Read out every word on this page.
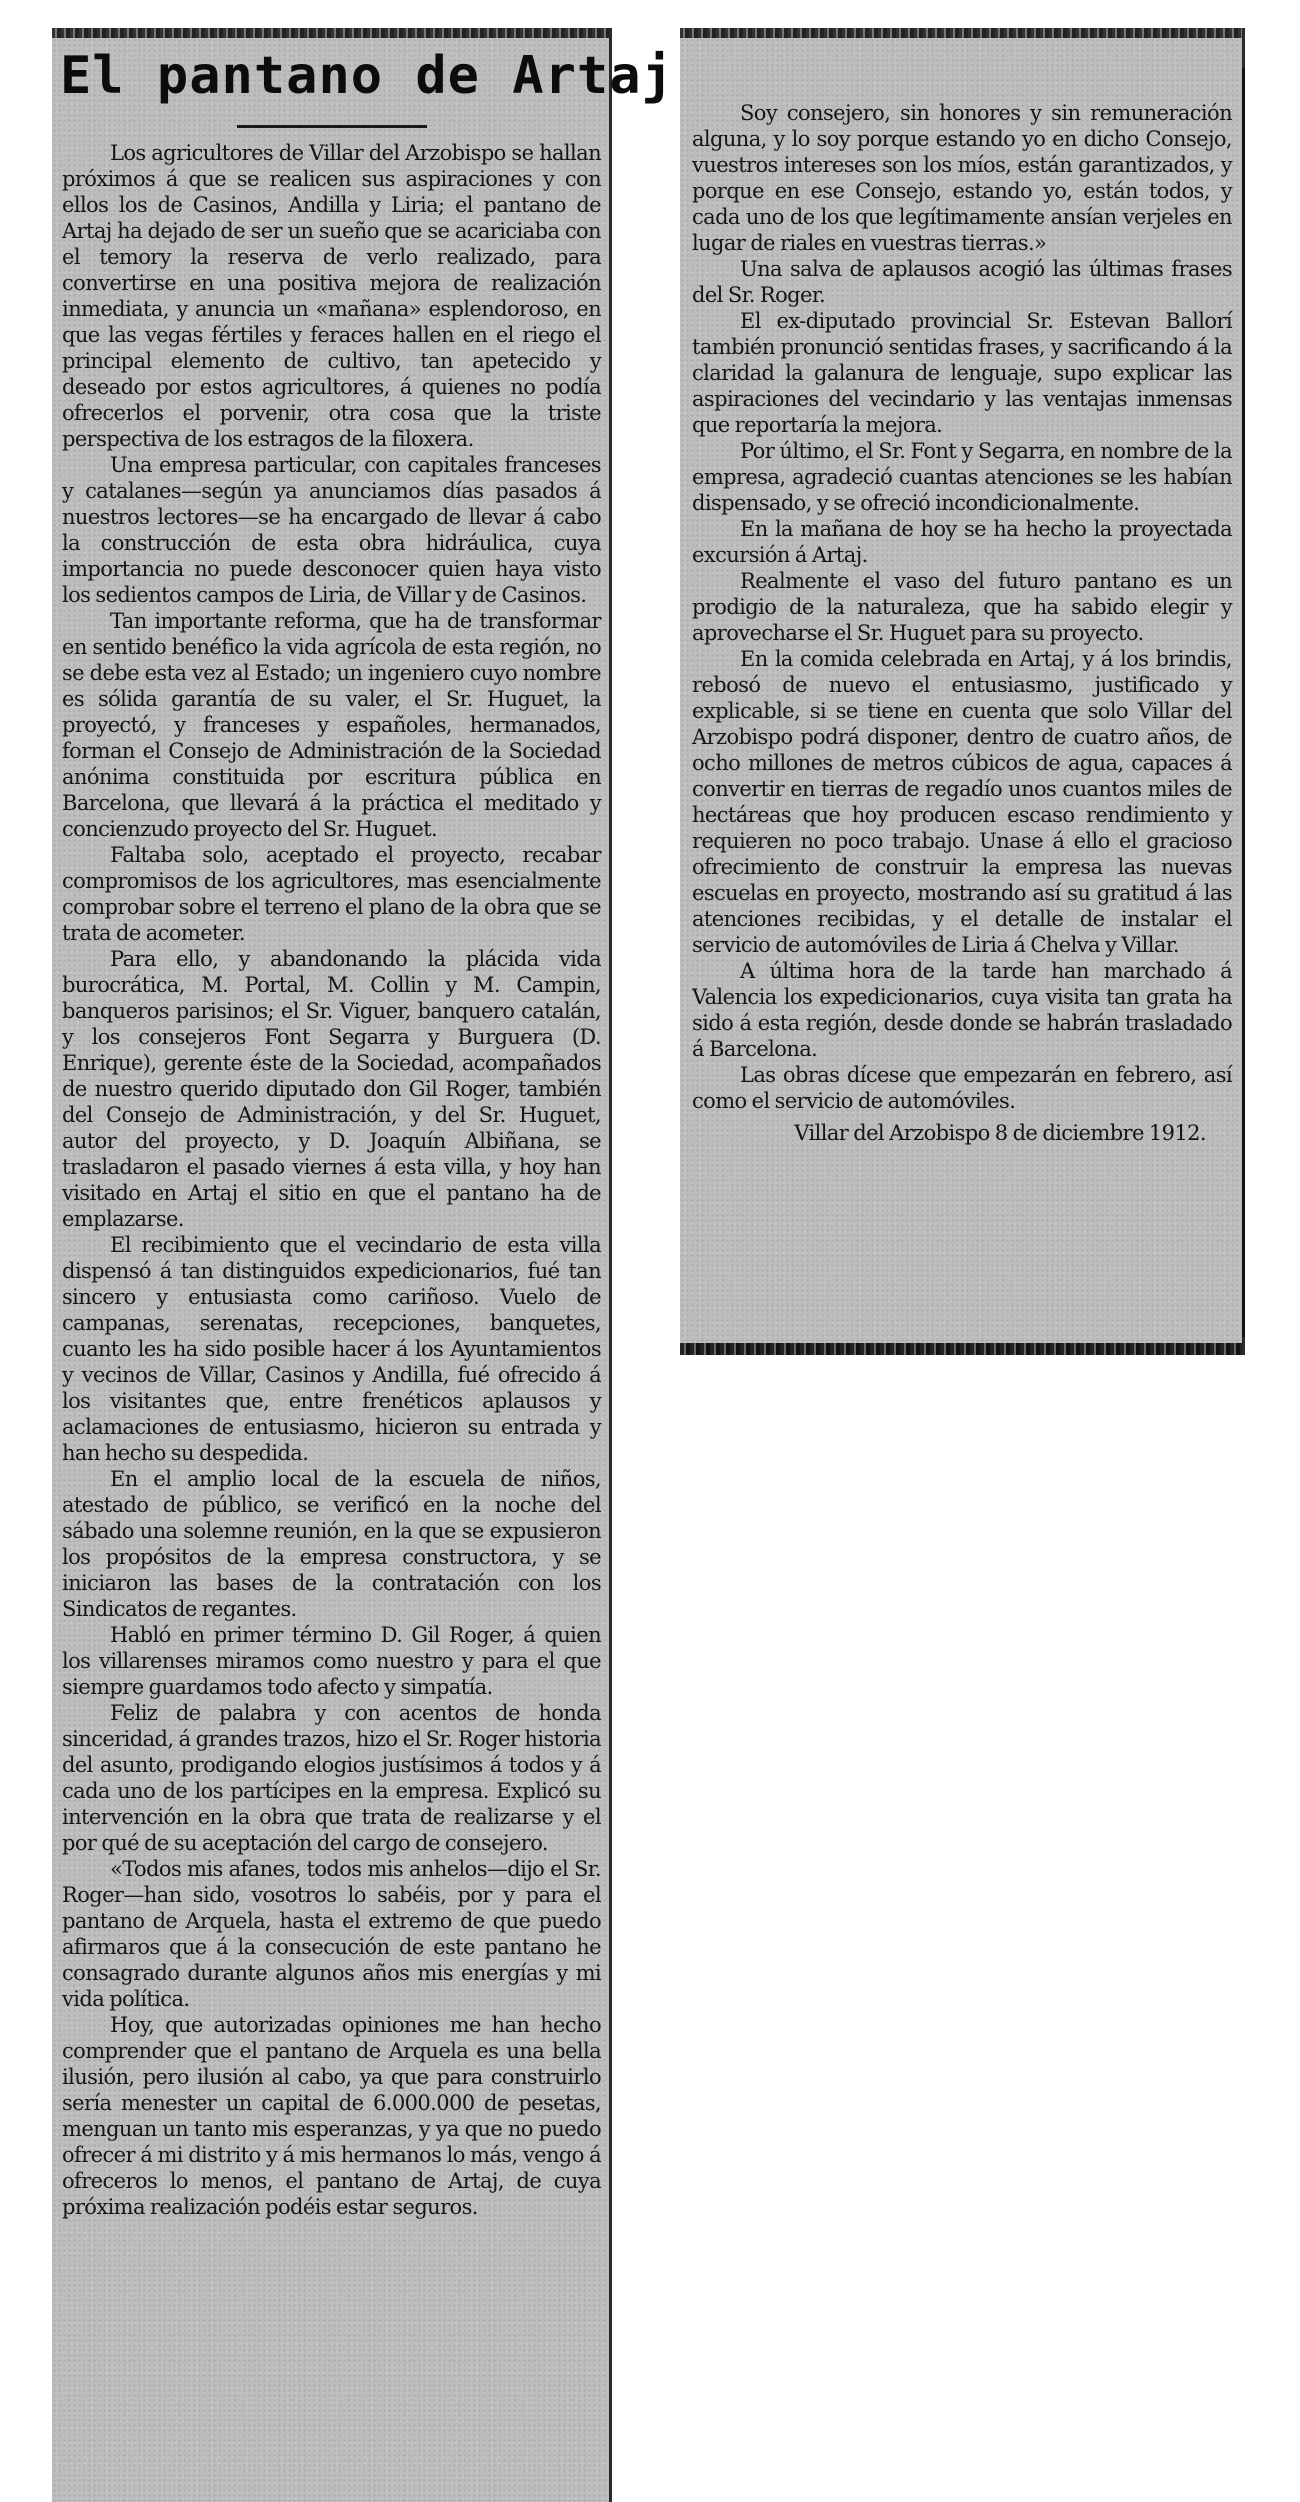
El pantano de Artaj

Los agricultores de Villar del Arzobispo se hallan próximos á que se realicen sus aspiraciones y con ellos los de Casinos, Andilla y Liria; el pantano de Artaj ha dejado de ser un sueño que se acariciaba con el temory la reserva de verlo realizado, para convertirse en una positiva mejora de realización inmediata, y anuncia un «mañana» esplendoroso, en que las vegas fértiles y feraces hallen en el riego el principal elemento de cultivo, tan apetecido y deseado por estos agricultores, á quienes no podía ofrecerlos el porvenir, otra cosa que la triste perspectiva de los estragos de la filoxera.

Una empresa particular, con capitales franceses y catalanes—según ya anunciamos días pasados á nuestros lectores—se ha encargado de llevar á cabo la construcción de esta obra hidráulica, cuya importancia no puede desconocer quien haya visto los sedientos campos de Liria, de Villar y de Casinos.

Tan importante reforma, que ha de transformar en sentido benéfico la vida agrícola de esta región, no se debe esta vez al Estado; un ingeniero cuyo nombre es sólida garantía de su valer, el Sr. Huguet, la proyectó, y franceses y españoles, hermanados, forman el Consejo de Administración de la Sociedad anónima constituida por escritura pública en Barcelona, que llevará á la práctica el meditado y concienzudo proyecto del Sr. Huguet.

Faltaba solo, aceptado el proyecto, recabar compromisos de los agricultores, mas esencialmente comprobar sobre el terreno el plano de la obra que se trata de acometer.

Para ello, y abandonando la plácida vida burocrática, M. Portal, M. Collin y M. Campin, banqueros parisinos; el Sr. Viguer, banquero catalán, y los consejeros Font Segarra y Burguera (D. Enrique), gerente éste de la Sociedad, acompañados de nuestro querido diputado don Gil Roger, también del Consejo de Administración, y del Sr. Huguet, autor del proyecto, y D. Joaquín Albiñana, se trasladaron el pasado viernes á esta villa, y hoy han visitado en Artaj el sitio en que el pantano ha de emplazarse.

El recibimiento que el vecindario de esta villa dispensó á tan distinguidos expedicionarios, fué tan sincero y entusiasta como cariñoso. Vuelo de campanas, serenatas, recepciones, banquetes, cuanto les ha sido posible hacer á los Ayuntamientos y vecinos de Villar, Casinos y Andilla, fué ofrecido á los visitantes que, entre frenéticos aplausos y aclamaciones de entusiasmo, hicieron su entrada y han hecho su despedida.

En el amplio local de la escuela de niños, atestado de público, se verificó en la noche del sábado una solemne reunión, en la que se expusieron los propósitos de la empresa constructora, y se iniciaron las bases de la contratación con los Sindicatos de regantes.

Habló en primer término D. Gil Roger, á quien los villarenses miramos como nuestro y para el que siempre guardamos todo afecto y simpatía.

Feliz de palabra y con acentos de honda sinceridad, á grandes trazos, hizo el Sr. Roger historia del asunto, prodigando elogios justísimos á todos y á cada uno de los partícipes en la empresa. Explicó su intervención en la obra que trata de realizarse y el por qué de su aceptación del cargo de consejero.

«Todos mis afanes, todos mis anhelos—dijo el Sr. Roger—han sido, vosotros lo sabéis, por y para el pantano de Arquela, hasta el extremo de que puedo afirmaros que á la consecución de este pantano he consagrado durante algunos años mis energías y mi vida política.

Hoy, que autorizadas opiniones me han hecho comprender que el pantano de Arquela es una bella ilusión, pero ilusión al cabo, ya que para construirlo sería menester un capital de 6.000.000 de pesetas, menguan un tanto mis esperanzas, y ya que no puedo ofrecer á mi distrito y á mis hermanos lo más, vengo á ofreceros lo menos, el pantano de Artaj, de cuya próxima realización podéis estar seguros.

Soy consejero, sin honores y sin remuneración alguna, y lo soy porque estando yo en dicho Consejo, vuestros intereses son los míos, están garantizados, y porque en ese Consejo, estando yo, están todos, y cada uno de los que legítimamente ansían verjeles en lugar de riales en vuestras tierras.»

Una salva de aplausos acogió las últimas frases del Sr. Roger.

El ex-diputado provincial Sr. Estevan Ballorí también pronunció sentidas frases, y sacrificando á la claridad la galanura de lenguaje, supo explicar las aspiraciones del vecindario y las ventajas inmensas que reportaría la mejora.

Por último, el Sr. Font y Segarra, en nombre de la empresa, agradeció cuantas atenciones se les habían dispensado, y se ofreció incondicionalmente.

En la mañana de hoy se ha hecho la proyectada excursión á Artaj.

Realmente el vaso del futuro pantano es un prodigio de la naturaleza, que ha sabido elegir y aprovecharse el Sr. Huguet para su proyecto.

En la comida celebrada en Artaj, y á los brindis, rebosó de nuevo el entusiasmo, justificado y explicable, si se tiene en cuenta que solo Villar del Arzobispo podrá disponer, dentro de cuatro años, de ocho millones de metros cúbicos de agua, capaces á convertir en tierras de regadío unos cuantos miles de hectáreas que hoy producen escaso rendimiento y requieren no poco trabajo. Unase á ello el gracioso ofrecimiento de construir la empresa las nuevas escuelas en proyecto, mostrando así su gratitud á las atenciones recibidas, y el detalle de instalar el servicio de automóviles de Liria á Chelva y Villar.

A última hora de la tarde han marchado á Valencia los expedicionarios, cuya visita tan grata ha sido á esta región, desde donde se habrán trasladado á Barcelona.

Las obras dícese que empezarán en febrero, así como el servicio de automóviles.

Villar del Arzobispo 8 de diciembre 1912.
